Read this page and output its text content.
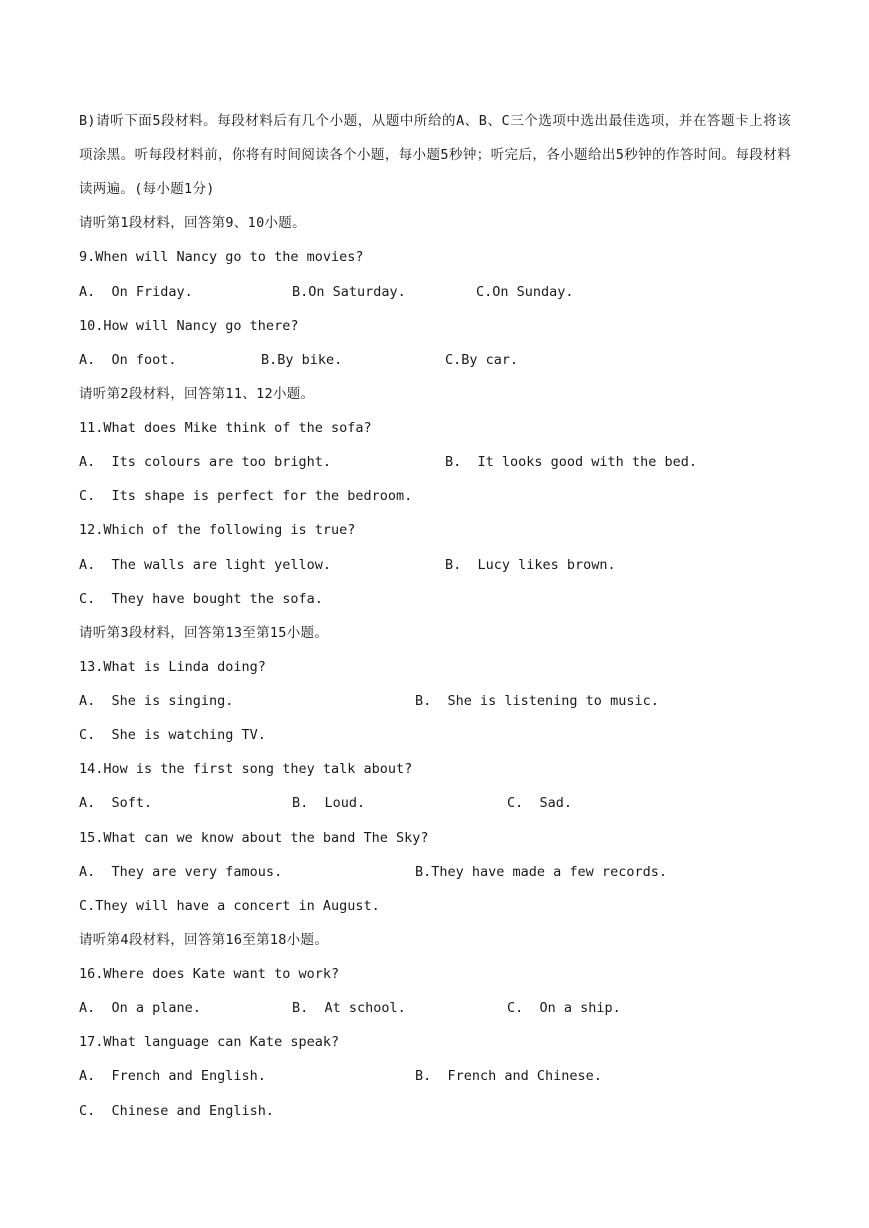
B)请听下面5段材料。每段材料后有几个小题，从题中所给的A、B、C三个选项中选出最佳选项，并在答题卡上将该项涂黑。听每段材料前，你将有时间阅读各个小题，每小题5秒钟；听完后，各小题给出5秒钟的作答时间。每段材料读两遍。(每小题1分)
请听第1段材料，回答第9、10小题。
9.When will Nancy go to the movies?
A.  On Friday.	B.On Saturday.	C.On Sunday.
10.How will Nancy go there?
A.  On foot.	B.By bike.	C.By car.
请听第2段材料，回答第11、12小题。
11.What does Mike think of the sofa?
A.  Its colours are too bright.	B.  It looks good with the bed.
C.  Its shape is perfect for the bedroom.
12.Which of the following is true?
A.  The walls are light yellow.	B.  Lucy likes brown.
C.  They have bought the sofa.
请听第3段材料，回答第13至第15小题。
13.What is Linda doing?
A.  She is singing.	B.  She is listening to music.
C.  She is watching TV.
14.How is the first song they talk about?
A.  Soft.	B.  Loud.	C.  Sad.
15.What can we know about the band The Sky?
A.  They are very famous.	B.They have made a few records.
C.They will have a concert in August.
请听第4段材料，回答第16至第18小题。
16.Where does Kate want to work?
A.  On a plane.	B.  At school.	C.  On a ship.
17.What language can Kate speak?
A.  French and English.	B.  French and Chinese.
C.  Chinese and English.
